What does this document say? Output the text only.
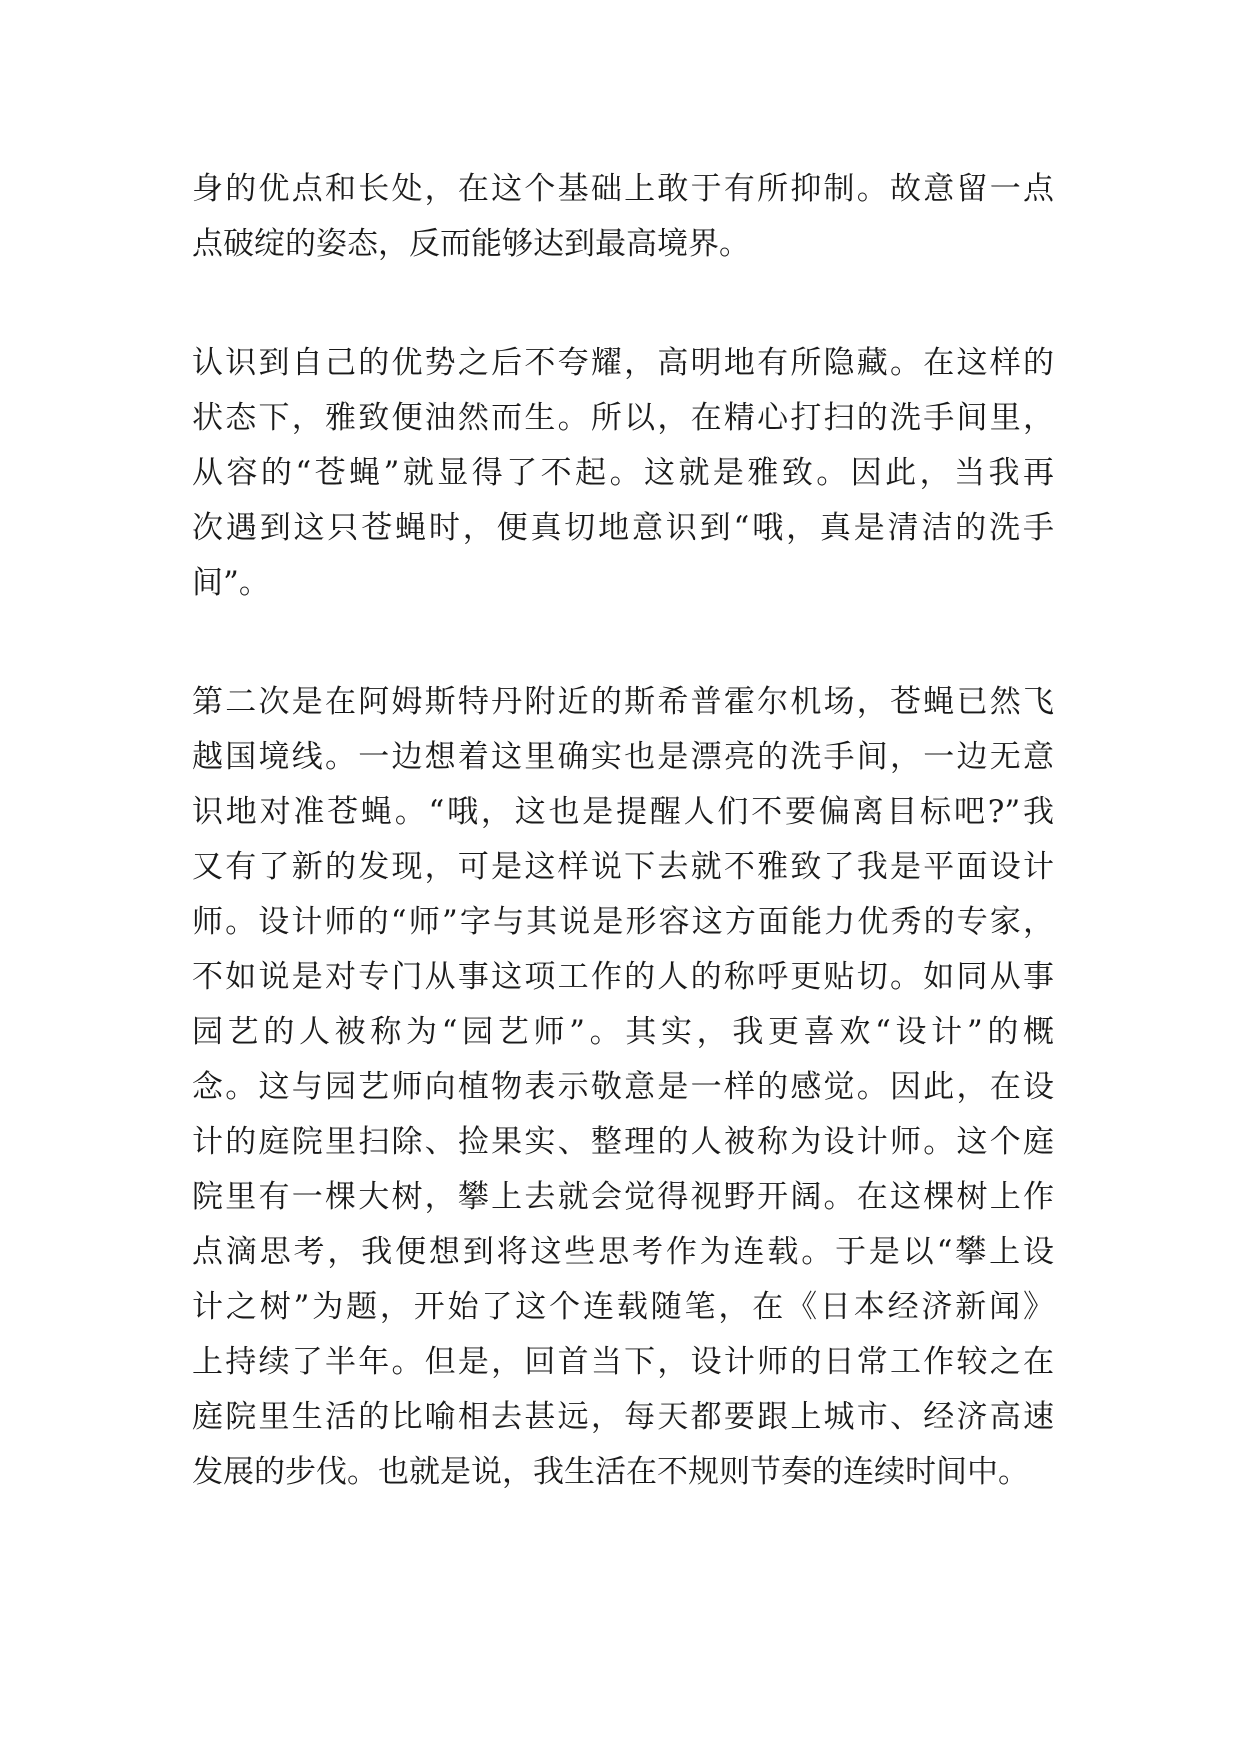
身的优点和长处，在这个基础上敢于有所抑制。故意留一点
点破绽的姿态，反而能够达到最高境界。
认识到自己的优势之后不夸耀，高明地有所隐藏。在这样的
状态下，雅致便油然而生。所以，在精心打扫的洗手间里，
从容的“苍蝇”就显得了不起。这就是雅致。因此，当我再
次遇到这只苍蝇时，便真切地意识到“哦，真是清洁的洗手
间”。
第二次是在阿姆斯特丹附近的斯希普霍尔机场，苍蝇已然飞
越国境线。一边想着这里确实也是漂亮的洗手间，一边无意
识地对准苍蝇。“哦，这也是提醒人们不要偏离目标吧?”我
又有了新的发现，可是这样说下去就不雅致了我是平面设计
师。设计师的“师”字与其说是形容这方面能力优秀的专家，
不如说是对专门从事这项工作的人的称呼更贴切。如同从事
园艺的人被称为“园艺师”。其实，我更喜欢“设计”的概
念。这与园艺师向植物表示敬意是一样的感觉。因此，在设
计的庭院里扫除、捡果实、整理的人被称为设计师。这个庭
院里有一棵大树，攀上去就会觉得视野开阔。在这棵树上作
点滴思考，我便想到将这些思考作为连载。于是以“攀上设
计之树”为题，开始了这个连载随笔，在《日本经济新闻》
上持续了半年。但是，回首当下，设计师的日常工作较之在
庭院里生活的比喻相去甚远，每天都要跟上城市、经济高速
发展的步伐。也就是说，我生活在不规则节奏的连续时间中。
